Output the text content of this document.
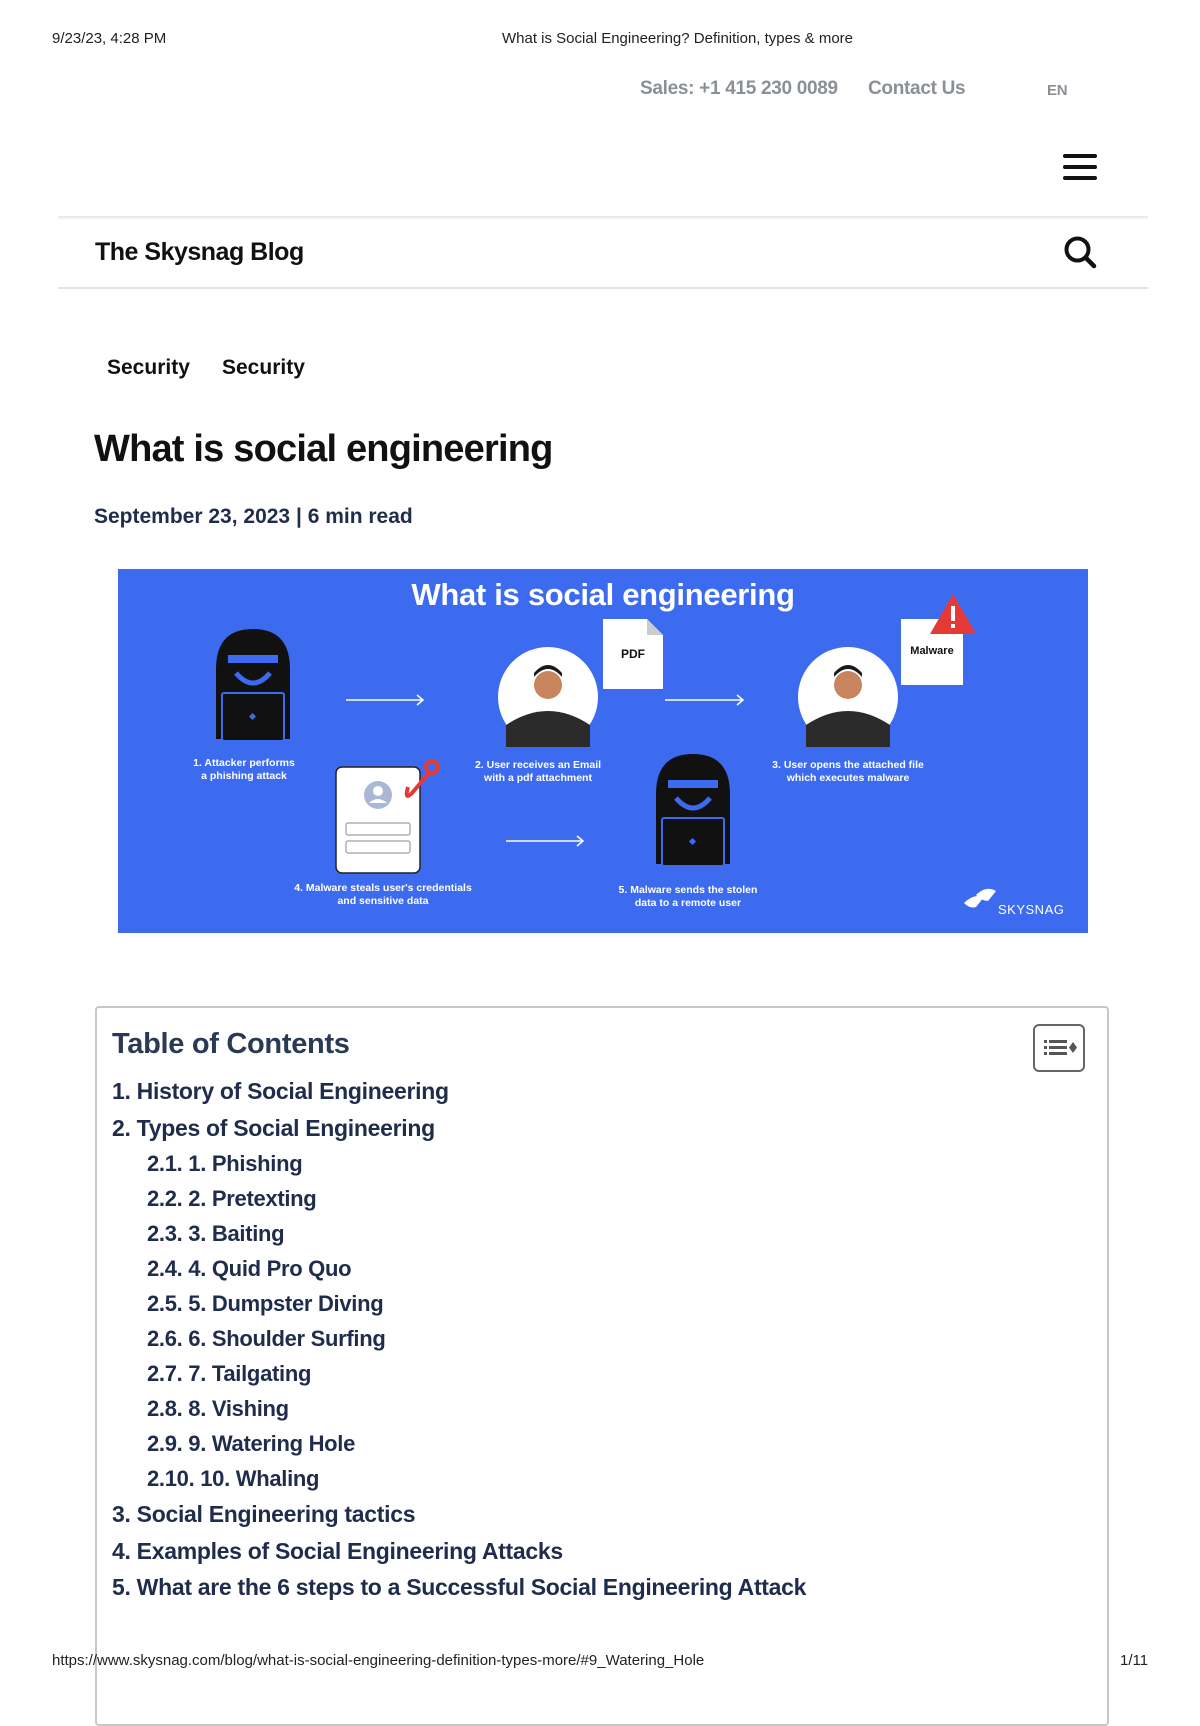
9/23/23, 4:28 PM	What is Social Engineering? Definition, types & more
Sales: +1 415 230 0089 Contact Us	EN
The Skysnag Blog
Security Security
What is social engineering
September 23, 2023 | 6 min read
What is social engineering
PDF	Malware
1. Attacker performs
a phishing attack
2. User receives an Email
with a pdf attachment
3. User opens the attached file
which executes malware
4. Malware steals user's credentials
and sensitive data
5. Malware sends the stolen
data to a remote user	SKYSNAG
Table of Contents
1. History of Social Engineering
2. Types of Social Engineering
2.1. 1. Phishing
2.2. 2. Pretexting
2.3. 3. Baiting
2.4. 4. Quid Pro Quo
2.5. 5. Dumpster Diving
2.6. 6. Shoulder Surfing
2.7. 7. Tailgating
2.8. 8. Vishing
2.9. 9. Watering Hole
2.10. 10. Whaling
3. Social Engineering tactics
4. Examples of Social Engineering Attacks
5. What are the 6 steps to a Successful Social Engineering Attack
https://www.skysnag.com/blog/what-is-social-engineering-definition-types-more/#9_Watering_Hole	1/11
